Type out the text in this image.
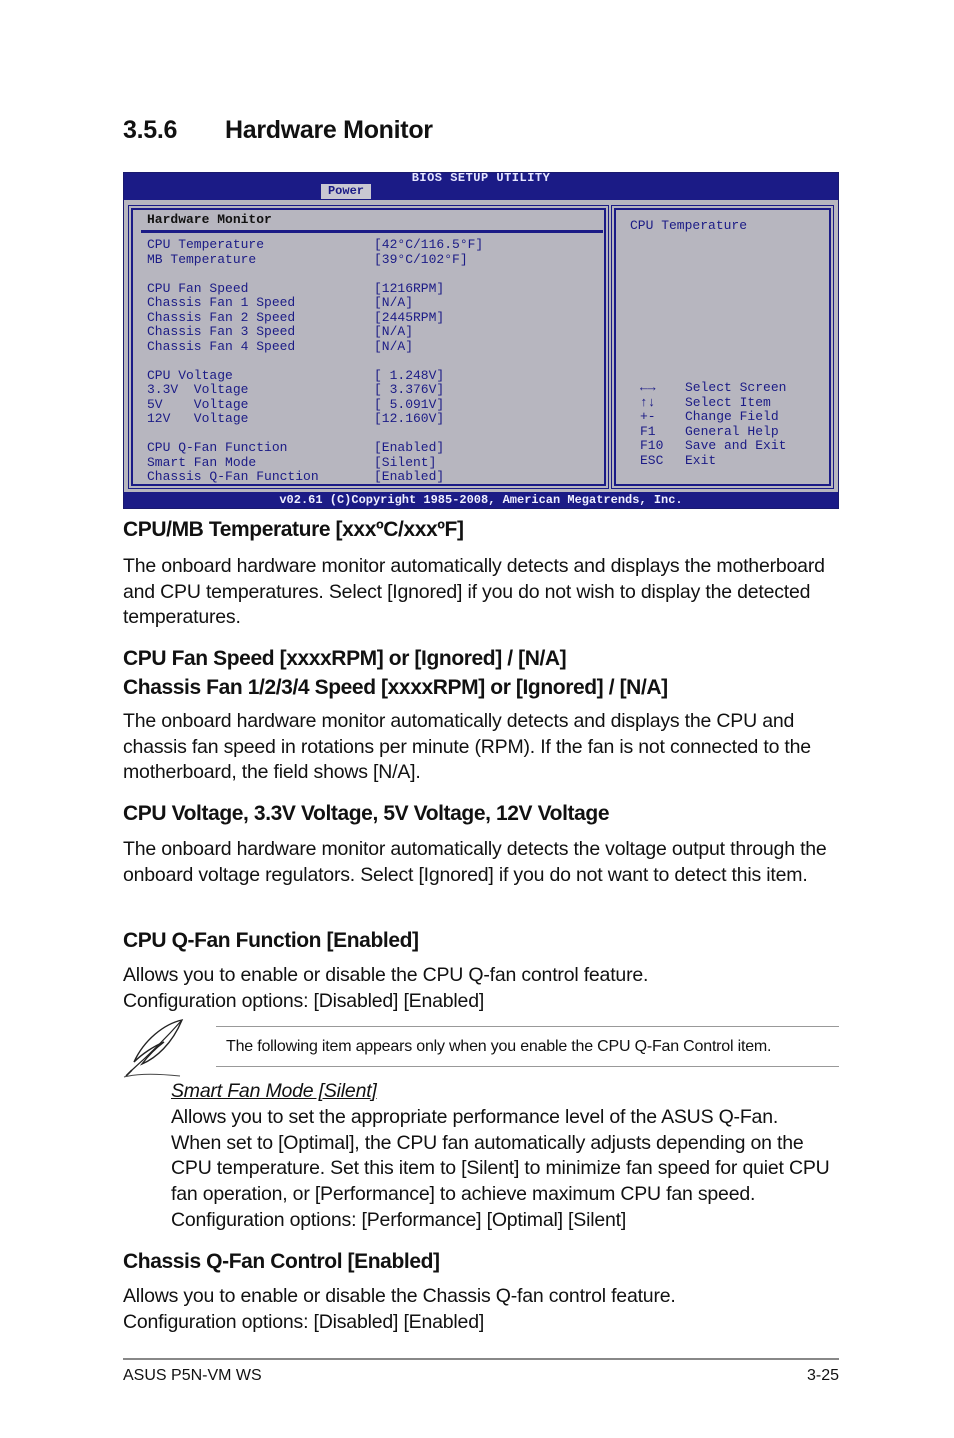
3.5.6 Hardware Monitor
BIOS SETUP UTILITY
Power
Hardware Monitor
CPU Temperature	[42°C/116.5°F]
MB Temperature	[39°C/102°F]
CPU Fan Speed	[1216RPM]
Chassis Fan 1 Speed	[N/A]
Chassis Fan 2 Speed	[2445RPM]
Chassis Fan 3 Speed	[N/A]
Chassis Fan 4 Speed	[N/A]
CPU Voltage	[ 1.248V]
3.3V  Voltage	[ 3.376V]
5V    Voltage	[ 5.091V]
12V   Voltage	[12.160V]
CPU Q-Fan Function	[Enabled]
Smart Fan Mode	[Silent]
Chassis Q-Fan Function	[Enabled]
CPU Temperature
←→ Select Screen
↑↓ Select Item
+- Change Field
F1 General Help
F10 Save and Exit
ESC Exit
v02.61 (C)Copyright 1985-2008, American Megatrends, Inc.
CPU/MB Temperature [xxxºC/xxxºF]
The onboard hardware monitor automatically detects and displays the motherboard and CPU temperatures. Select [Ignored] if you do not wish to display the detected temperatures.
CPU Fan Speed [xxxxRPM] or [Ignored] / [N/A]
Chassis Fan 1/2/3/4 Speed [xxxxRPM] or [Ignored] / [N/A]
The onboard hardware monitor automatically detects and displays the CPU and chassis fan speed in rotations per minute (RPM). If the fan is not connected to the motherboard, the field shows [N/A].
CPU Voltage, 3.3V Voltage, 5V Voltage, 12V Voltage
The onboard hardware monitor automatically detects the voltage output through the onboard voltage regulators. Select [Ignored] if you do not want to detect this item.
CPU Q-Fan Function [Enabled]
Allows you to enable or disable the CPU Q-fan control feature.
Configuration options: [Disabled] [Enabled]
The following item appears only when you enable the CPU Q-Fan Control item.
Smart Fan Mode [Silent]
Allows you to set the appropriate performance level of the ASUS Q-Fan. When set to [Optimal], the CPU fan automatically adjusts depending on the CPU temperature. Set this item to [Silent] to minimize fan speed for quiet CPU fan operation, or [Performance] to achieve maximum CPU fan speed. Configuration options: [Performance] [Optimal] [Silent]
Chassis Q-Fan Control [Enabled]
Allows you to enable or disable the Chassis Q-fan control feature.
Configuration options: [Disabled] [Enabled]
ASUS P5N-VM WS	3-25
